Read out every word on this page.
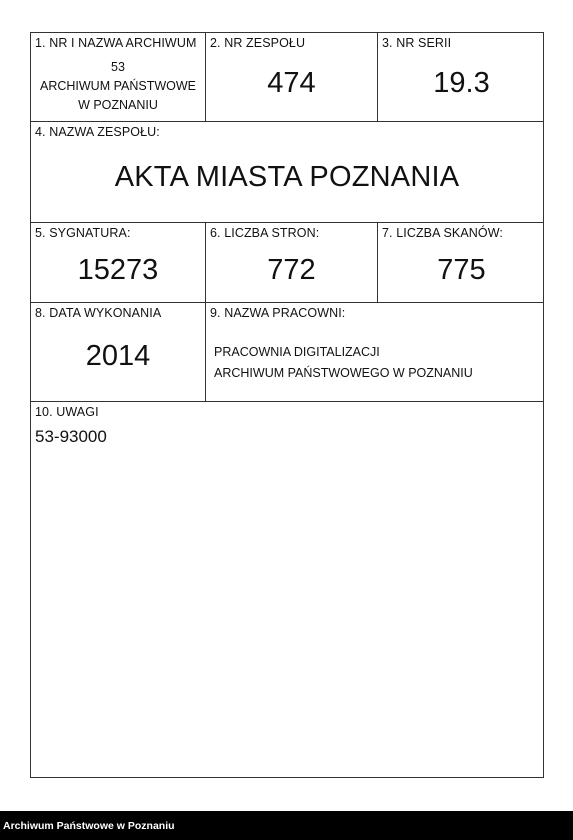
1. NR I NAZWA ARCHIWUM
53
ARCHIWUM PAŃSTWOWE
W POZNANIU
2. NR ZESPOŁU
474
3. NR SERII
19.3
4. NAZWA ZESPOŁU:
AKTA MIASTA POZNANIA
5. SYGNATURA:
15273
6. LICZBA STRON:
772
7. LICZBA SKANÓW:
775
8. DATA WYKONANIA
2014
9. NAZWA PRACOWNI:
PRACOWNIA DIGITALIZACJI
ARCHIWUM PAŃSTWOWEGO W POZNANIU
10. UWAGI
53-93000
Archiwum Państwowe w Poznaniu
